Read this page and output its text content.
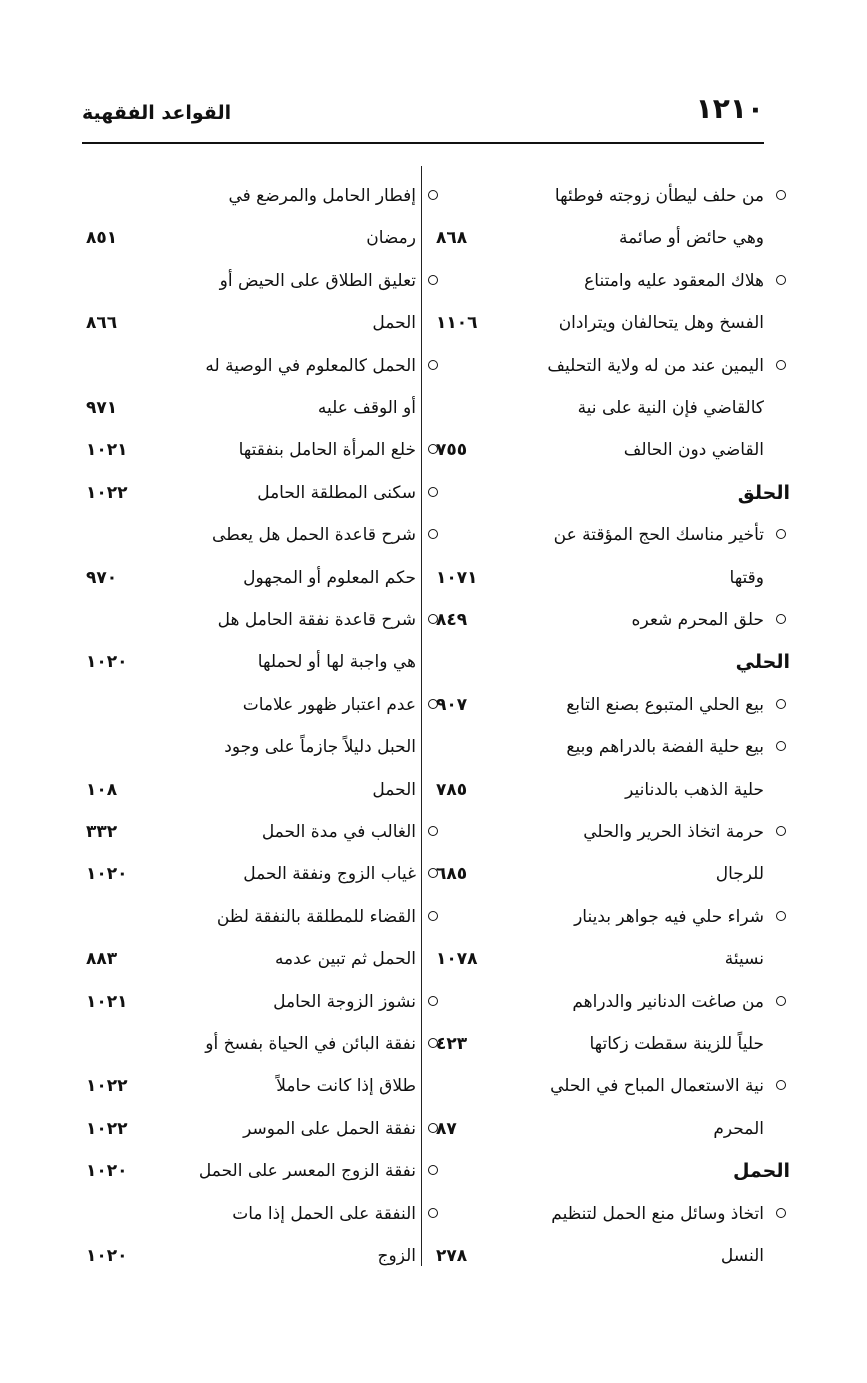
١٢١٠
القواعد الفقهية
من حلف ليطأن زوجته فوطئها
وهي حائض أو صائمة
٨٦٨
هلاك المعقود عليه وامتناع
الفسخ وهل يتحالفان ويترادان
١١٠٦
اليمين عند من له ولاية التحليف
كالقاضي فإن النية على نية
القاضي دون الحالف
٧٥٥
الحلق
تأخير مناسك الحج المؤقتة عن
وقتها
١٠٧١
حلق المحرم شعره
٨٤٩
الحلي
بيع الحلي المتبوع بصنع التابع
٩٠٧
بيع حلية الفضة بالدراهم وبيع
حلية الذهب بالدنانير
٧٨٥
حرمة اتخاذ الحرير والحلي
للرجال
٦٨٥
شراء حلي فيه جواهر بدينار
نسيئة
١٠٧٨
من صاغت الدنانير والدراهم
حلياً للزينة سقطت زكاتها
٤٢٣
نية الاستعمال المباح في الحلي
المحرم
٨٧
الحمل
اتخاذ وسائل منع الحمل لتنظيم
النسل
٢٧٨
إفطار الحامل والمرضع في
رمضان
٨٥١
تعليق الطلاق على الحيض أو
الحمل
٨٦٦
الحمل كالمعلوم في الوصية له
أو الوقف عليه
٩٧١
خلع المرأة الحامل بنفقتها
١٠٢١
سكنى المطلقة الحامل
١٠٢٢
شرح قاعدة الحمل هل يعطى
حكم المعلوم أو المجهول
٩٧٠
شرح قاعدة نفقة الحامل هل
هي واجبة لها أو لحملها
١٠٢٠
عدم اعتبار ظهور علامات
الحبل دليلاً جازماً على وجود
الحمل
١٠٨
الغالب في مدة الحمل
٣٣٢
غياب الزوج ونفقة الحمل
١٠٢٠
القضاء للمطلقة بالنفقة لظن
الحمل ثم تبين عدمه
٨٨٣
نشوز الزوجة الحامل
١٠٢١
نفقة البائن في الحياة بفسخ أو
طلاق إذا كانت حاملاً
١٠٢٢
نفقة الحمل على الموسر
١٠٢٢
نفقة الزوج المعسر على الحمل
١٠٢٠
النفقة على الحمل إذا مات
الزوج
١٠٢٠
